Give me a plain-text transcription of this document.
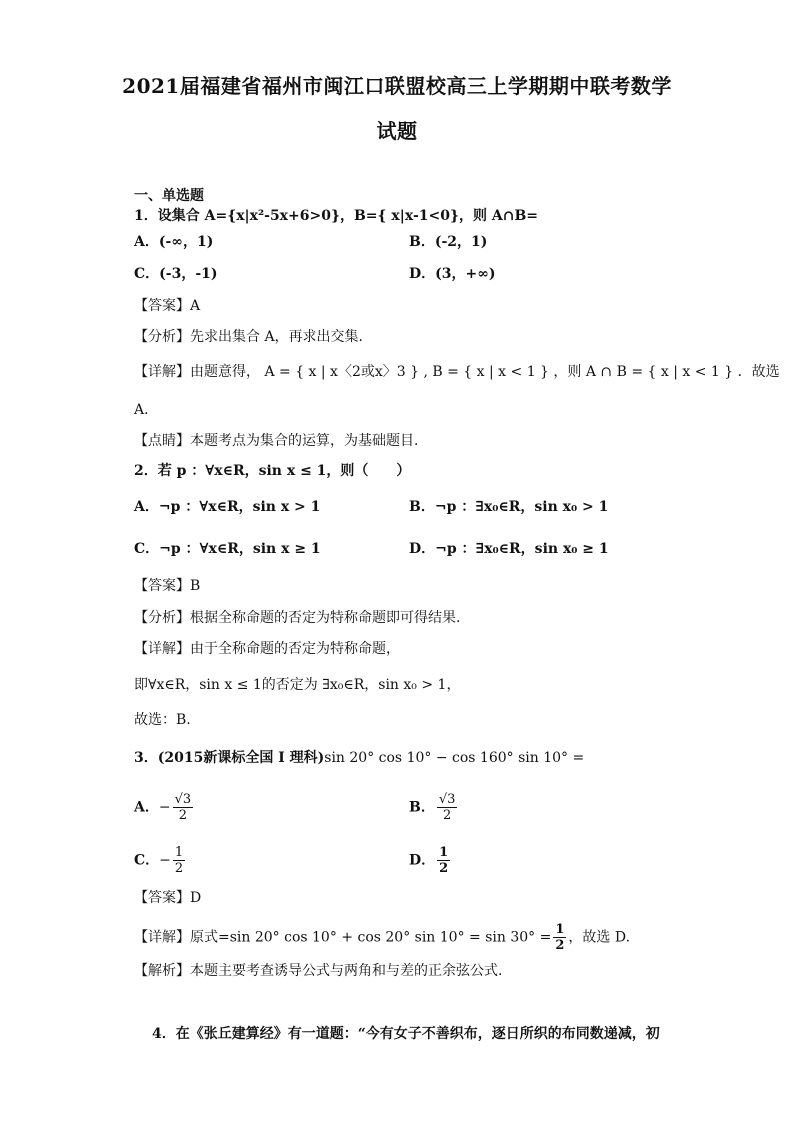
2021届福建省福州市闽江口联盟校高三上学期期中联考数学
试题
一、单选题
1．设集合 A={x|x²-5x+6>0}，B={ x|x-1<0}，则 A∩B=
A．(-∞，1)	B．(-2，1)
C．(-3，-1)	D．(3，+∞)
【答案】A
【分析】先求出集合 A，再求出交集．
【详解】由题意得， A = { x | x〈2或x〉3 } , B = { x | x < 1 } ，则 A ∩ B = { x | x < 1 } ．故选
A．
【点睛】本题考点为集合的运算，为基础题目．
2．若 p ：∀x∈R，sin x ≤ 1，则（　　）
A．¬p ：∀x∈R，sin x > 1	B．¬p ：∃x₀∈R，sin x₀ > 1
C．¬p ：∀x∈R，sin x ≥ 1	D．¬p ：∃x₀∈R，sin x₀ ≥ 1
【答案】B
【分析】根据全称命题的否定为特称命题即可得结果.
【详解】由于全称命题的否定为特称命题，
即∀x∈R，sin x ≤ 1的否定为 ∃x₀∈R，sin x₀ > 1，
故选：B.
3．(2015新课标全国 I 理科)sin 20° cos 10° − cos 160° sin 10° =
A．− $\frac{√3}{2}$	B． $\frac{√3}{2}$
C．− $\frac{1}{2}$	D． $\frac{1}{2}$
【答案】D
【详解】原式=sin 20° cos 10° + cos 20° $\sin 10^\circ = \sin 30^\circ = \frac{1}{2}$ ，故选 D.
【解析】本题主要考查诱导公式与两角和与差的正余弦公式.
4．在《张丘建算经》有一道题：“今有女子不善织布，逐日所织的布同数递减，初
